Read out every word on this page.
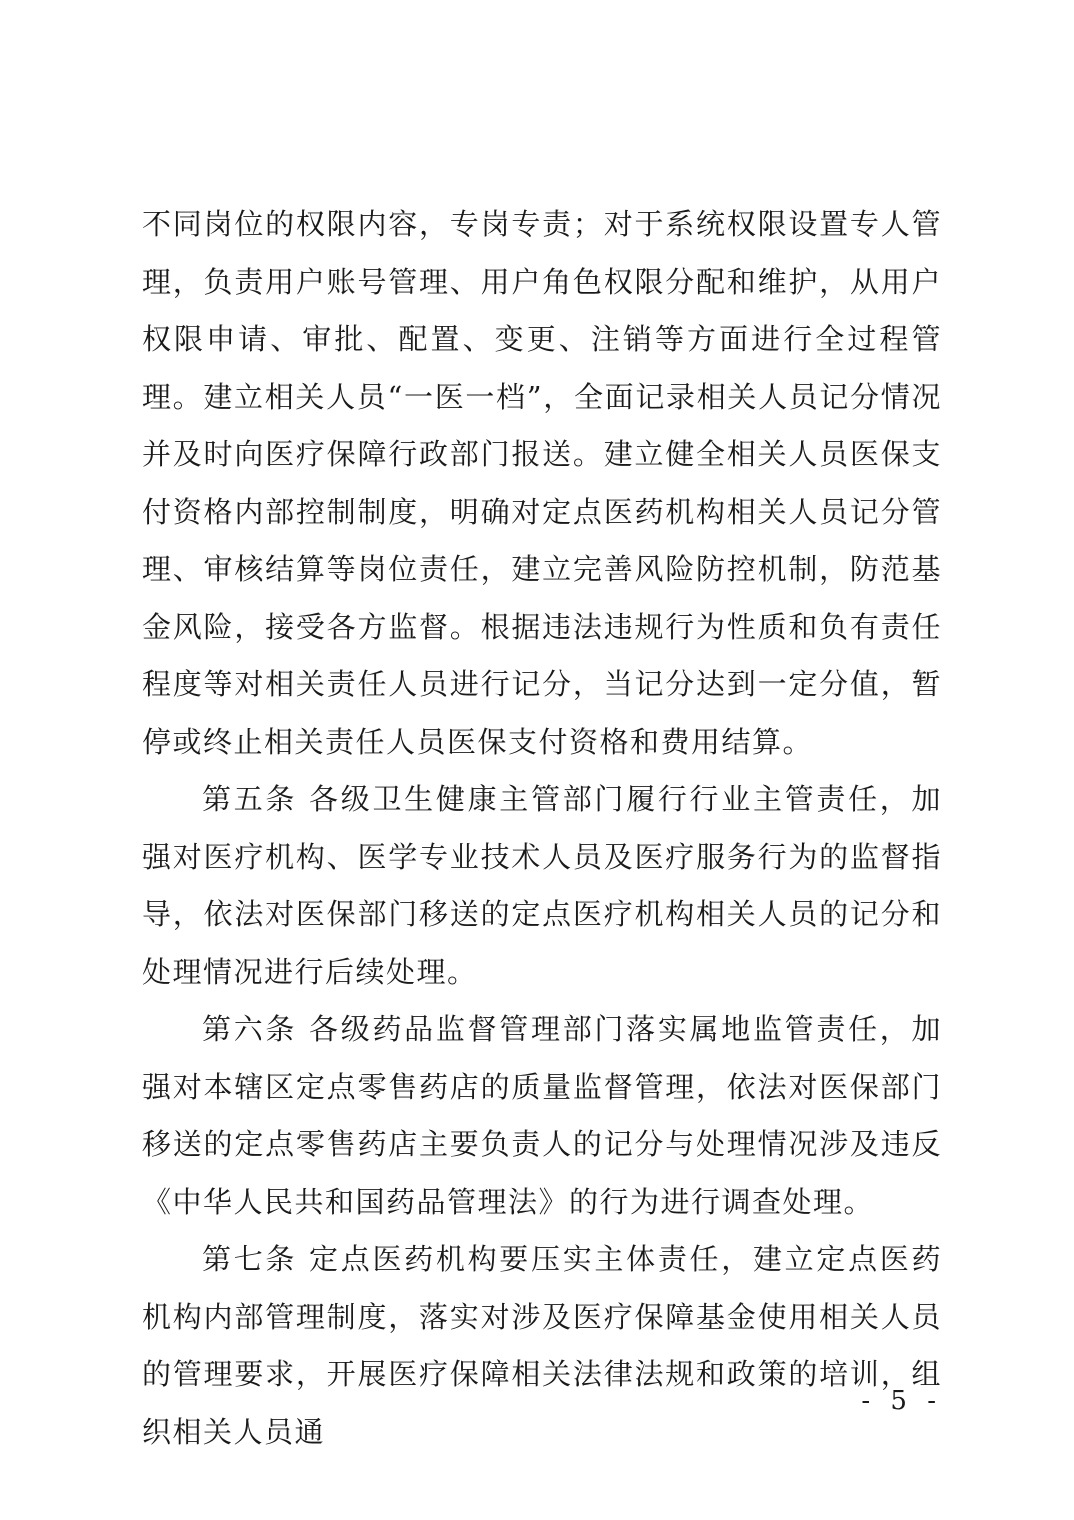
不同岗位的权限内容，专岗专责；对于系统权限设置专人管理，负责用户账号管理、用户角色权限分配和维护，从用户权限申请、审批、配置、变更、注销等方面进行全过程管理。建立相关人员“一医一档”，全面记录相关人员记分情况并及时向医疗保障行政部门报送。建立健全相关人员医保支付资格内部控制制度，明确对定点医药机构相关人员记分管理、审核结算等岗位责任，建立完善风险防控机制，防范基金风险，接受各方监督。根据违法违规行为性质和负有责任程度等对相关责任人员进行记分，当记分达到一定分值，暂停或终止相关责任人员医保支付资格和费用结算。

第五条 各级卫生健康主管部门履行行业主管责任，加强对医疗机构、医学专业技术人员及医疗服务行为的监督指导，依法对医保部门移送的定点医疗机构相关人员的记分和处理情况进行后续处理。

第六条 各级药品监督管理部门落实属地监管责任，加强对本辖区定点零售药店的质量监督管理，依法对医保部门移送的定点零售药店主要负责人的记分与处理情况涉及违反《中华人民共和国药品管理法》的行为进行调查处理。

第七条 定点医药机构要压实主体责任，建立定点医药机构内部管理制度，落实对涉及医疗保障基金使用相关人员的管理要求，开展医疗保障相关法律法规和政策的培训，组织相关人员通

- 5 -
